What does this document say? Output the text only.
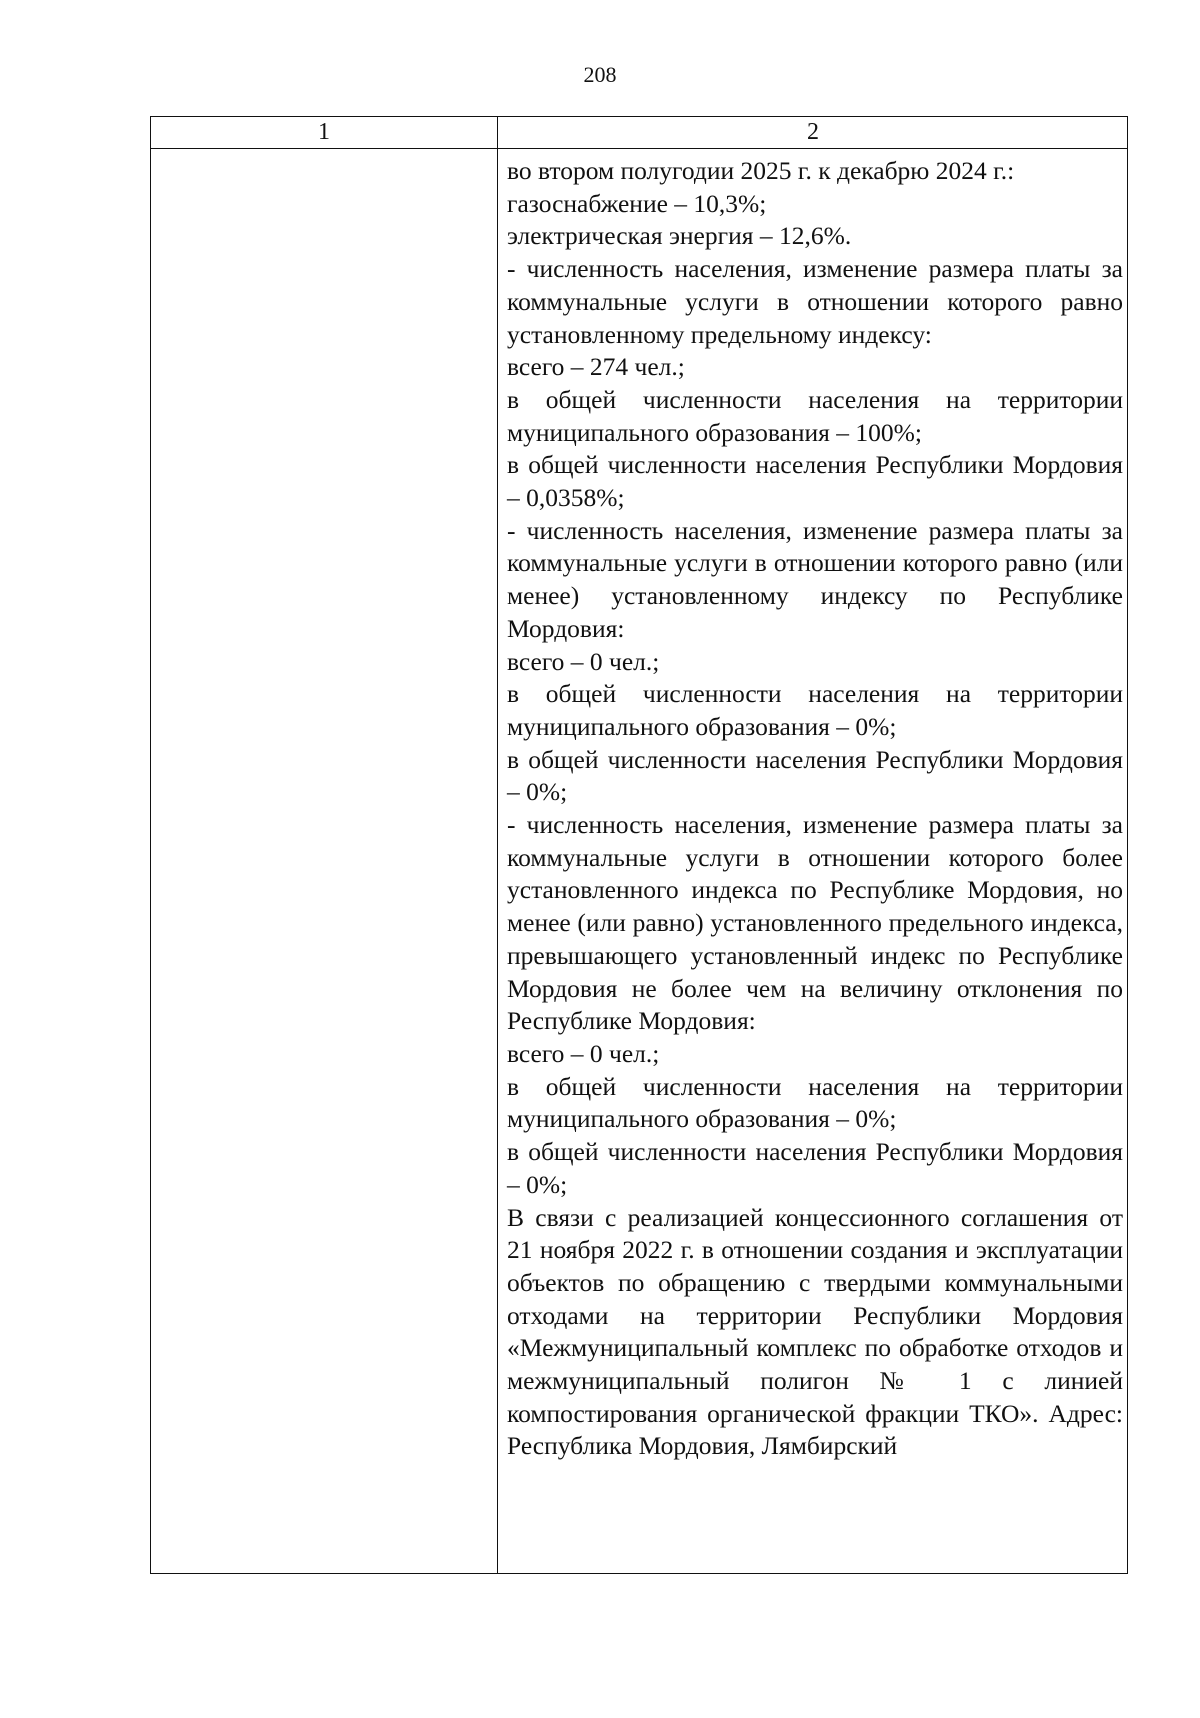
208
1	2

во втором полугодии 2025 г. к декабрю 2024 г.:

газоснабжение – 10,3%;

электрическая энергия – 12,6%.

- численность населения, изменение размера платы за коммунальные услуги в отношении которого равно установленному предельному индексу:

всего – 274 чел.;

в общей численности населения на территории муниципального образования – 100%;

в общей численности населения Республики Мордовия – 0,0358%;

- численность населения, изменение размера платы за коммунальные услуги в отношении которого равно (или менее) установленному индексу по Республике Мордовия:

всего – 0 чел.;

в общей численности населения на территории муниципального образования – 0%;

в общей численности населения Республики Мордовия – 0%;

- численность населения, изменение размера платы за коммунальные услуги в отношении которого более установленного индекса по Республике Мордовия, но менее (или равно) установленного предельного индекса, превышающего установленный индекс по Республике Мордовия не более чем на величину отклонения по Республике Мордовия:

всего – 0 чел.;

в общей численности населения на территории муниципального образования – 0%;

в общей численности населения Республики Мордовия – 0%;

В связи с реализацией концессионного соглашения от 21 ноября 2022 г. в отношении создания и эксплуатации объектов по обращению с твердыми коммунальными отходами на территории Республики Мордовия «Межмуниципальный комплекс по обработке отходов и межмуниципальный полигон № 1 с линией компостирования органической фракции ТКО». Адрес: Республика Мордовия, Лямбирский
